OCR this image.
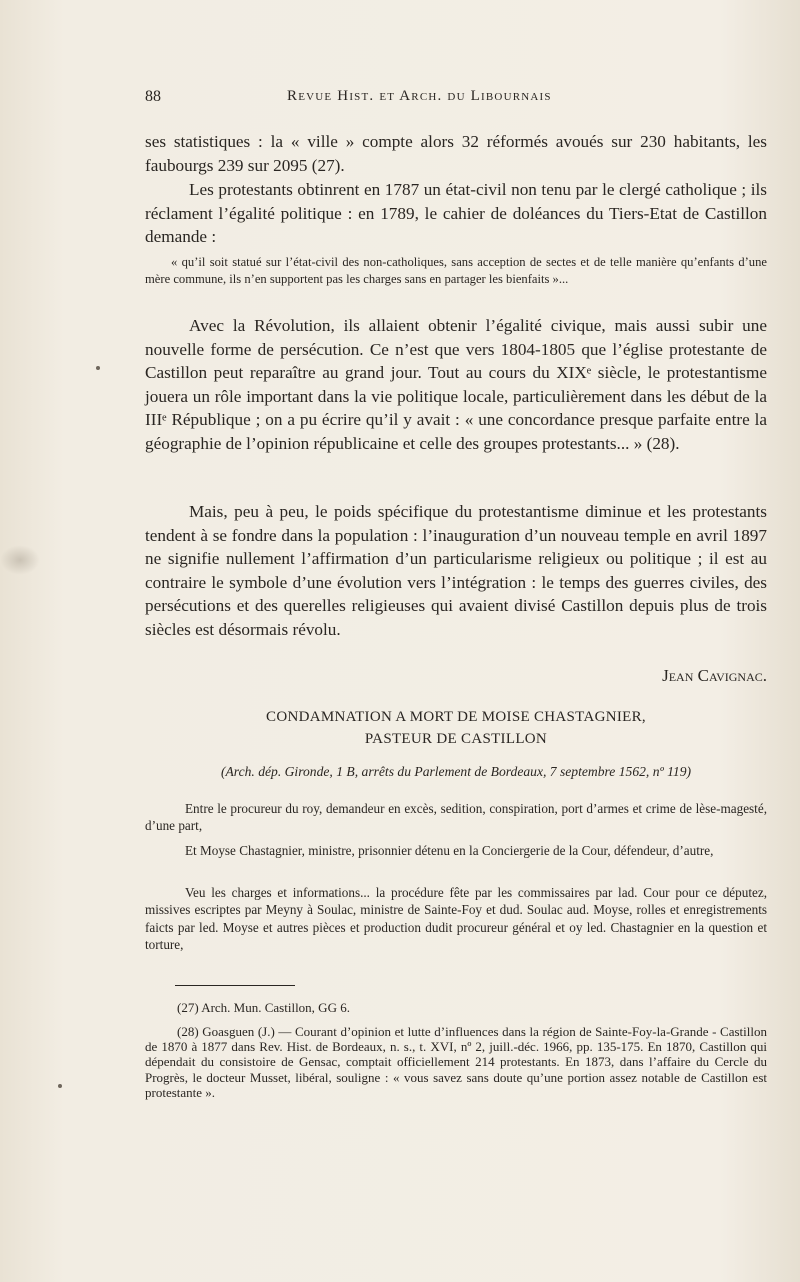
88	Revue Hist. et Arch. du Libournais

ses statistiques : la « ville » compte alors 32 réformés avoués sur 230 habitants, les faubourgs 239 sur 2095 (27).

Les protestants obtinrent en 1787 un état-civil non tenu par le clergé catholique ; ils réclament l’égalité politique : en 1789, le cahier de doléances du Tiers-Etat de Castillon demande :

« qu’il soit statué sur l’état-civil des non-catholiques, sans acception de sectes et de telle manière qu’enfants d’une mère commune, ils n’en supportent pas les charges sans en partager les bienfaits »...

Avec la Révolution, ils allaient obtenir l’égalité civique, mais aussi subir une nouvelle forme de persécution. Ce n’est que vers 1804-1805 que l’église protestante de Castillon peut reparaître au grand jour. Tout au cours du XIXᵉ siècle, le protestantisme jouera un rôle important dans la vie politique locale, particulièrement dans les début de la IIIᵉ République ; on a pu écrire qu’il y avait : « une concordance presque parfaite entre la géographie de l’opinion républicaine et celle des groupes protestants... » (28).

Mais, peu à peu, le poids spécifique du protestantisme diminue et les protestants tendent à se fondre dans la population : l’inauguration d’un nouveau temple en avril 1897 ne signifie nullement l’affirmation d’un particularisme religieux ou politique ; il est au contraire le symbole d’une évolution vers l’intégration : le temps des guerres civiles, des persécutions et des querelles religieuses qui avaient divisé Castillon depuis plus de trois siècles est désormais révolu.

Jean Cavignac.
CONDAMNATION A MORT DE MOISE CHASTAGNIER,
PASTEUR DE CASTILLON
(Arch. dép. Gironde, 1 B, arrêts du Parlement de Bordeaux, 7 septembre 1562, nº 119)

Entre le procureur du roy, demandeur en excès, sedition, conspiration, port d’armes et crime de lèse-magesté, d’une part,

Et Moyse Chastagnier, ministre, prisonnier détenu en la Conciergerie de la Cour, défendeur, d’autre,

Veu les charges et informations... la procédure fête par les commissaires par lad. Cour pour ce députez, missives escriptes par Meyny à Soulac, ministre de Sainte-Foy et dud. Soulac aud. Moyse, rolles et enregistrements faicts par led. Moyse et autres pièces et production dudit procureur général et oy led. Chastagnier en la question et torture,

(27) Arch. Mun. Castillon, GG 6.

(28) Goasguen (J.) — Courant d’opinion et lutte d’influences dans la région de Sainte-Foy-la-Grande - Castillon de 1870 à 1877 dans Rev. Hist. de Bordeaux, n. s., t. XVI, nº 2, juill.-déc. 1966, pp. 135-175. En 1870, Castillon qui dépendait du consistoire de Gensac, comptait officiellement 214 protestants. En 1873, dans l’affaire du Cercle du Progrès, le docteur Musset, libéral, souligne : « vous savez sans doute qu’une portion assez notable de Castillon est protestante ».
